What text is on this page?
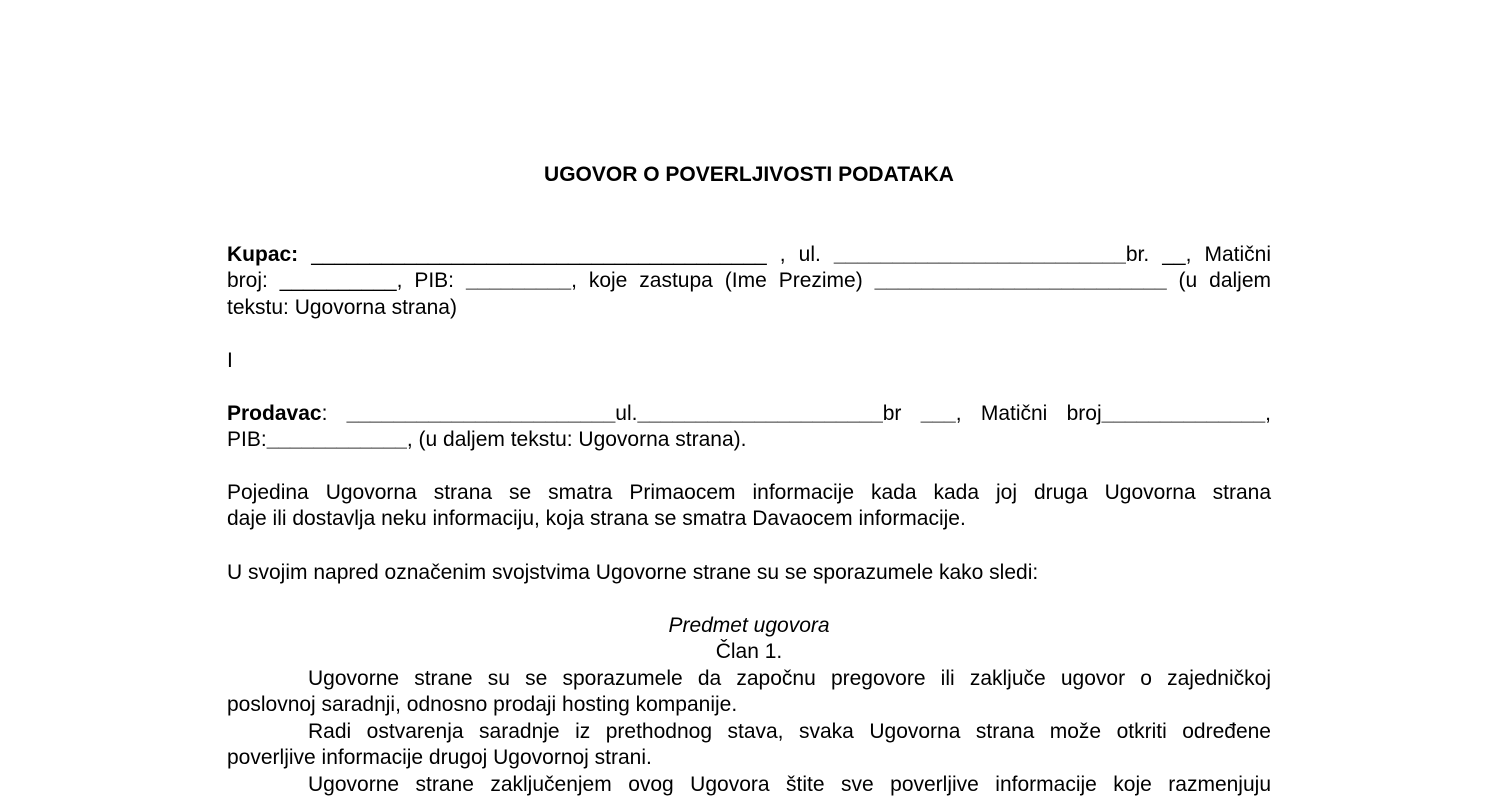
UGOVOR O POVERLJIVOSTI PODATAKA
Kupac: _______________________________________ , ul. _________________________br. __, Matični
broj: __________, PIB: _________, koje zastupa (Ime Prezime) _________________________ (u daljem
tekstu: Ugovorna strana)
I
Prodavac: _______________________ul._____________________br ___, Matični broj______________,
PIB:____________, (u daljem tekstu: Ugovorna strana).
Pojedina Ugovorna strana se smatra Primaocem informacije kada kada joj druga Ugovorna strana
daje ili dostavlja neku informaciju, koja strana se smatra Davaocem informacije.
U svojim napred označenim svojstvima Ugovorne strane su se sporazumele kako sledi:
Predmet ugovora
Član 1.
Ugovorne strane su se sporazumele da započnu pregovore ili zaključe ugovor o zajedničkoj
poslovnoj saradnji, odnosno prodaji hosting kompanije.
Radi ostvarenja saradnje iz prethodnog stava, svaka Ugovorna strana može otkriti određene
poverljive informacije drugoj Ugovornoj strani.
Ugovorne strane zaključenjem ovog Ugovora štite sve poverljive informacije koje razmenjuju
